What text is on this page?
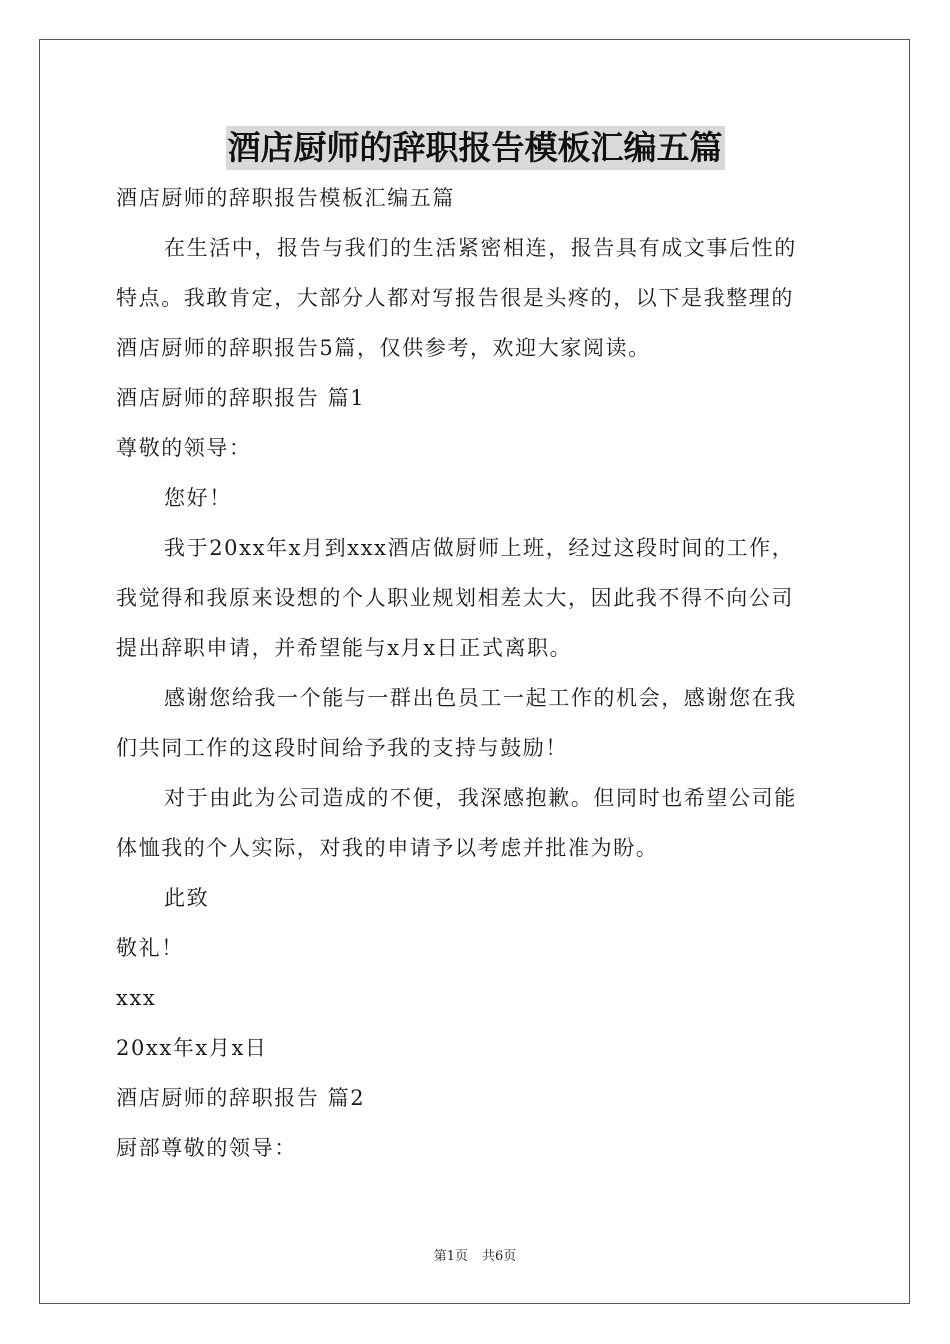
酒店厨师的辞职报告模板汇编五篇
酒店厨师的辞职报告模板汇编五篇
在生活中，报告与我们的生活紧密相连，报告具有成文事后性的
特点。我敢肯定，大部分人都对写报告很是头疼的，以下是我整理的
酒店厨师的辞职报告5篇，仅供参考，欢迎大家阅读。
酒店厨师的辞职报告 篇1
尊敬的领导：
您好！
我于20xx年x月到xxx酒店做厨师上班，经过这段时间的工作，
我觉得和我原来设想的个人职业规划相差太大，因此我不得不向公司
提出辞职申请，并希望能与x月x日正式离职。
感谢您给我一个能与一群出色员工一起工作的机会，感谢您在我
们共同工作的这段时间给予我的支持与鼓励！
对于由此为公司造成的不便，我深感抱歉。但同时也希望公司能
体恤我的个人实际，对我的申请予以考虑并批准为盼。
此致
敬礼！
xxx
20xx年x月x日
酒店厨师的辞职报告 篇2
厨部尊敬的领导：
第1页 共6页
